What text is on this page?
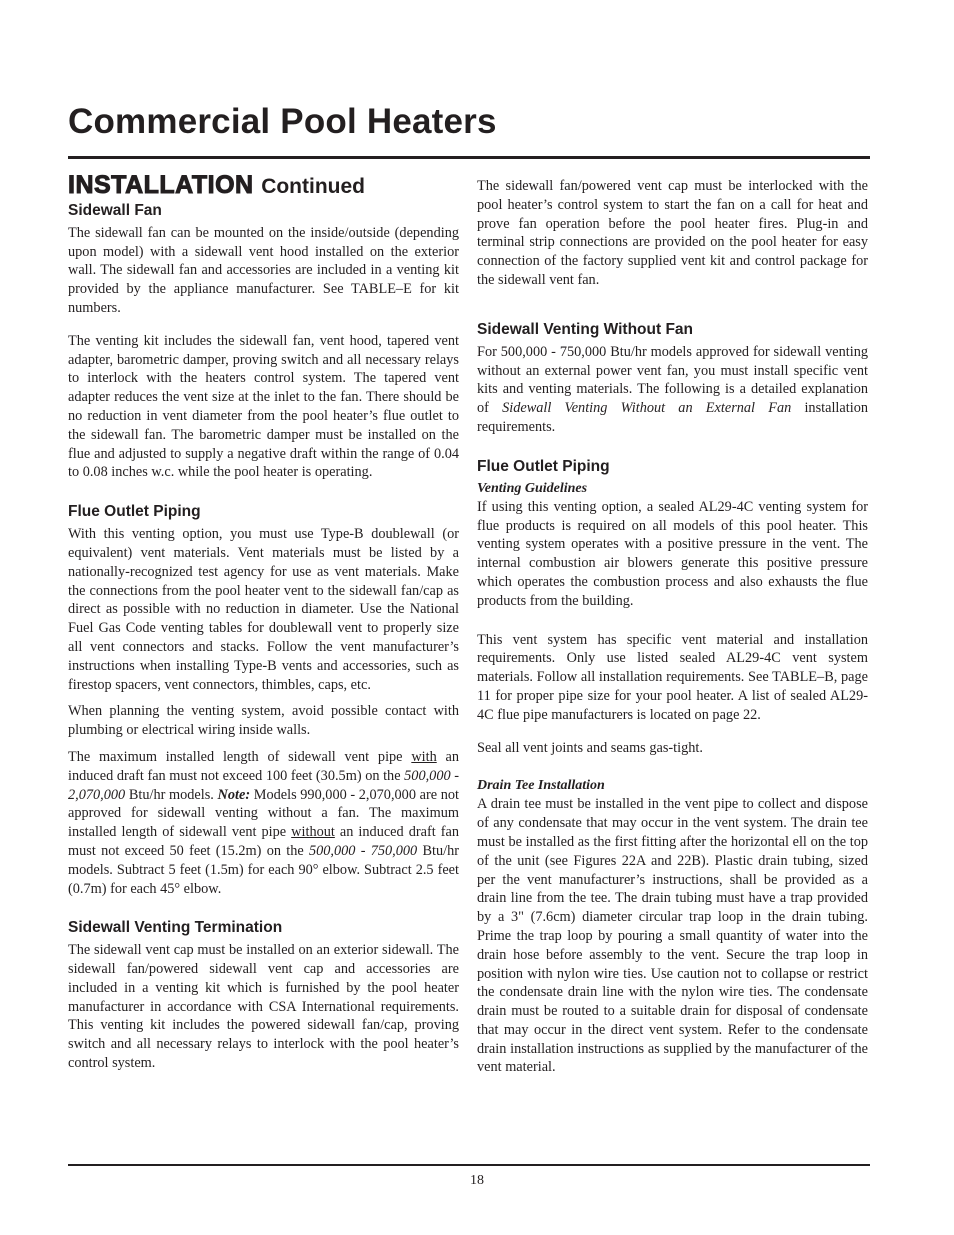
Commercial Pool Heaters
INSTALLATION Continued
Sidewall Fan

The sidewall fan can be mounted on the inside/outside (depending upon model) with a sidewall vent hood installed on the exterior wall. The sidewall fan and accessories are included in a venting kit provided by the appliance manufacturer. See TABLE–E for kit numbers.

The venting kit includes the sidewall fan, vent hood, tapered vent adapter, barometric damper, proving switch and all necessary relays to interlock with the heaters control system. The tapered vent adapter reduces the vent size at the inlet to the fan. There should be no reduction in vent diameter from the pool heater’s flue outlet to the sidewall fan. The barometric damper must be installed on the flue and adjusted to supply a negative draft within the range of 0.04 to 0.08 inches w.c. while the pool heater is operating.

Flue Outlet Piping

With this venting option, you must use Type-B doublewall (or equivalent) vent materials. Vent materials must be listed by a nationally-recognized test agency for use as vent materials. Make the connections from the pool heater vent to the sidewall fan/cap as direct as possible with no reduction in diameter. Use the National Fuel Gas Code venting tables for doublewall vent to properly size all vent connectors and stacks. Follow the vent manufacturer’s instructions when installing Type-B vents and accessories, such as firestop spacers, vent connectors, thimbles, caps, etc.

When planning the venting system, avoid possible contact with plumbing or electrical wiring inside walls.

The maximum installed length of sidewall vent pipe with an induced draft fan must not exceed 100 feet (30.5m) on the 500,000 - 2,070,000 Btu/hr models. Note: Models 990,000 - 2,070,000 are not approved for sidewall venting without a fan. The maximum installed length of sidewall vent pipe without an induced draft fan must not exceed 50 feet (15.2m) on the 500,000 - 750,000 Btu/hr models. Subtract 5 feet (1.5m) for each 90° elbow. Subtract 2.5 feet (0.7m) for each 45° elbow.

Sidewall Venting Termination

The sidewall vent cap must be installed on an exterior sidewall. The sidewall fan/powered sidewall vent cap and accessories are included in a venting kit which is furnished by the pool heater manufacturer in accordance with CSA International requirements. This venting kit includes the powered sidewall fan/cap, proving switch and all necessary relays to interlock with the pool heater’s control system.

The sidewall fan/powered vent cap must be interlocked with the pool heater’s control system to start the fan on a call for heat and prove fan operation before the pool heater fires. Plug-in and terminal strip connections are provided on the pool heater for easy connection of the factory supplied vent kit and control package for the sidewall vent fan.

Sidewall Venting Without Fan

For 500,000 - 750,000 Btu/hr models approved for sidewall venting without an external power vent fan, you must install specific vent kits and venting materials. The following is a detailed explanation of Sidewall Venting Without an External Fan installation requirements.

Flue Outlet Piping
Venting Guidelines

If using this venting option, a sealed AL29-4C venting system for flue products is required on all models of this pool heater. This venting system operates with a positive pressure in the vent. The internal combustion air blowers generate this positive pressure which operates the combustion process and also exhausts the flue products from the building.

This vent system has specific vent material and installation requirements. Only use listed sealed AL29-4C vent system materials. Follow all installation requirements. See TABLE–B, page 11 for proper pipe size for your pool heater. A list of sealed AL29-4C flue pipe manufacturers is located on page 22.

Seal all vent joints and seams gas-tight.

Drain Tee Installation

A drain tee must be installed in the vent pipe to collect and dispose of any condensate that may occur in the vent system. The drain tee must be installed as the first fitting after the horizontal ell on the top of the unit (see Figures 22A and 22B). Plastic drain tubing, sized per the vent manufacturer’s instructions, shall be provided as a drain line from the tee. The drain tubing must have a trap provided by a 3" (7.6cm) diameter circular trap loop in the drain tubing. Prime the trap loop by pouring a small quantity of water into the drain hose before assembly to the vent. Secure the trap loop in position with nylon wire ties. Use caution not to collapse or restrict the condensate drain line with the nylon wire ties. The condensate drain must be routed to a suitable drain for disposal of condensate that may occur in the direct vent system. Refer to the condensate drain installation instructions as supplied by the manufacturer of the vent material.

18
